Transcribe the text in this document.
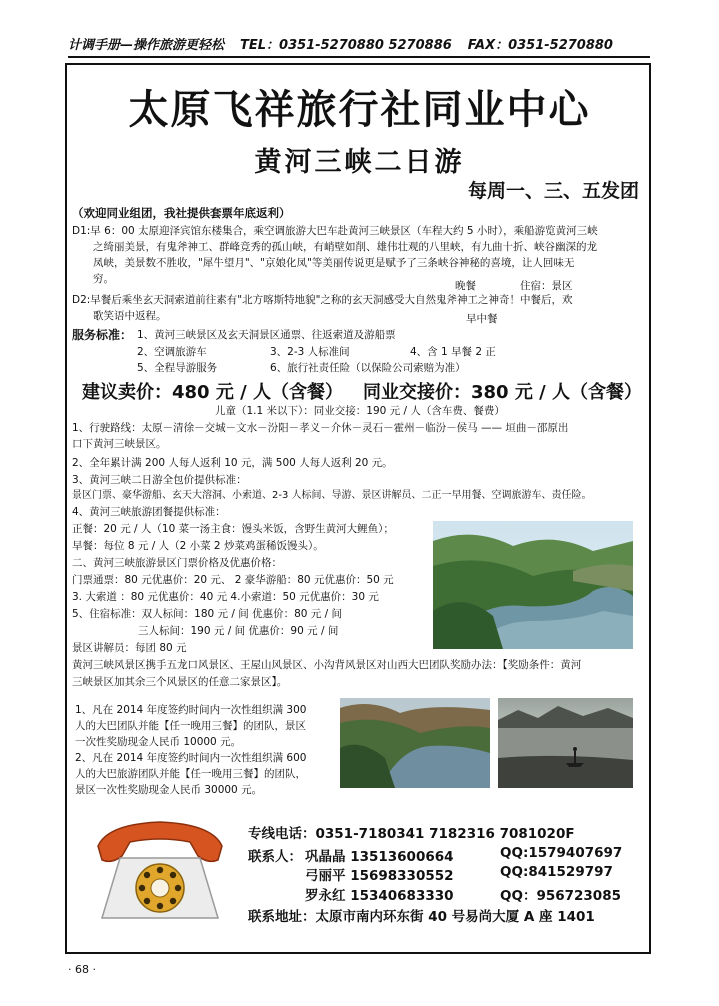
计调手册—操作旅游更轻松 TEL：0351-5270880 5270886 FAX：0351-5270880
太原飞祥旅行社同业中心
黄河三峡二日游
每周一、三、五发团
（欢迎同业组团，我社提供套票年底返利）
D1:早 6：00 太原迎泽宾馆东楼集合，乘空调旅游大巴车赴黄河三峡景区（车程大约 5 小时），乘船游览黄河三峡
之绮丽美景，有鬼斧神工、群峰竞秀的孤山峡，有峭壁如削、雄伟壮观的八里峡，有九曲十折、峡谷幽深的龙
凤峡，美景数不胜收，"犀牛望月"、"京娘化凤"等美丽传说更是赋予了三条峡谷神秘的喜境，让人回味无
穷。
晚餐	住宿：景区
D2:早餐后乘坐玄天洞索道前往素有"北方喀斯特地貌"之称的玄天洞感受大自然鬼斧神工之神奇！中餐后，欢
歌笑语中返程。	早中餐
服务标准： 1、黄河三峡景区及玄天洞景区通票、往返索道及游船票
2、空调旅游车	3、2-3 人标准间	4、含 1 早餐 2 正
5、全程导游服务	6、旅行社责任险（以保险公司索赔为准）
建议卖价：480 元 / 人（含餐） 同业交接价：380 元 / 人（含餐）
儿童（1.1 米以下）：同业交接：190 元 / 人（含车费、餐费）
1、行驶路线：太原－清徐－交城－文水－汾阳－孝义－介休－灵石－霍州－临汾－侯马 —— 垣曲－邵原出
口下黄河三峡景区。
2、全年累计满 200 人每人返利 10 元，满 500 人每人返利 20 元。
3、黄河三峡二日游全包价提供标准：
景区门票、豪华游船、玄天大溶洞、小索道、2-3 人标间、导游、景区讲解员、二正一早用餐、空调旅游车、责任险。
4、黄河三峡旅游团餐提供标准：
正餐：20 元 / 人（10 菜一汤主食：馒头米饭，含野生黄河大鲤鱼）；
早餐：每位 8 元 / 人（2 小菜 2 炒菜鸡蛋稀饭馒头）。
二、黄河三峡旅游景区门票价格及优惠价格：
门票通票：80 元优惠价：20 元、 2 豪华游船：80 元优惠价：50 元
3. 大索道 ：80 元优惠价：40 元 4.小索道：50 元优惠价：30 元
5、住宿标准：双人标间：180 元 / 间 优惠价：80 元 / 间
三人标间：190 元 / 间 优惠价：90 元 / 间
景区讲解员：每团 80 元
黄河三峡风景区携手五龙口风景区、王屋山风景区、小沟背风景区对山西大巴团队奖励办法：【奖励条件：黄河
三峡景区加其余三个风景区的任意二家景区】。
1、凡在 2014 年度签约时间内一次性组织满 300
人的大巴团队并能【任一晚用三餐】的团队，景区
一次性奖励现金人民币 10000 元。
2、凡在 2014 年度签约时间内一次性组织满 600
人的大巴旅游团队并能【任一晚用三餐】的团队，
景区一次性奖励现金人民币 30000 元。
专线电话：0351-7180341 7182316 7081020F
联系人： 巩晶晶 13513600664	QQ:1579407697
弓丽平 15698330552	QQ:841529797
罗永红 15340683330	QQ：956723085
联系地址：太原市南内环东街 40 号易尚大厦 A 座 1401
· 68 ·
